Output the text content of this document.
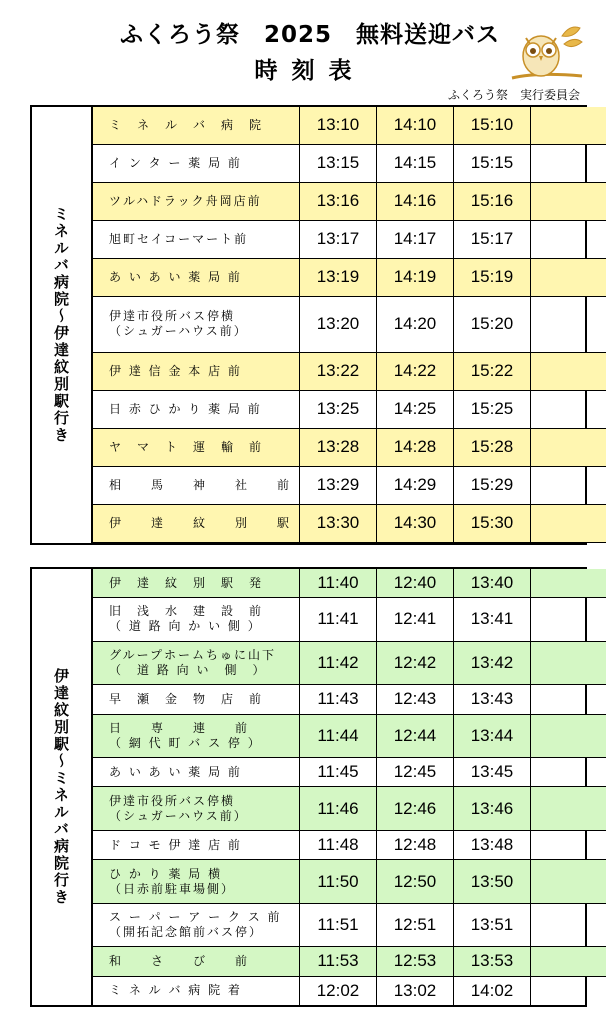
ふくろう祭　2025　無料送迎バス
時刻表
ふくろう祭　実行委員会
ミネルバ病院～伊達紋別駅行き
ミ　ネ　ル　バ　病　院	13:10	14:10	15:10	
イ ン タ ー 薬 局 前	13:15	14:15	15:15	
ツルハドラック舟岡店前	13:16	14:16	15:16	
旭町セイコーマート前	13:17	14:17	15:17	
あ い あ い 薬 局 前	13:19	14:19	15:19	
伊達市役所バス停横
（シュガーハウス前）	13:20	14:20	15:20	
伊 達 信 金 本 店 前	13:22	14:22	15:22	
日 赤 ひ か り 薬 局 前	13:25	14:25	15:25	
ヤ　マ　ト　運　輸　前	13:28	14:28	15:28	
相　　馬　　神　　社　　前	13:29	14:29	15:29	
伊　　達　　紋　　別　　駅	13:30	14:30	15:30	

伊達紋別駅～ミネルバ病院行き
伊　達　紋　別　駅　発	11:40	12:40	13:40	
旧　浅　水　建　設　前
（ 道 路 向 か い 側 ）	11:41	12:41	13:41	
グループホームちゅに山下
（　道 路 向 い　側　）	11:42	12:42	13:42	
早　瀬　金　物　店　前	11:43	12:43	13:43	
日　　専　　連　　前
（ 網 代 町 バ ス 停 ）	11:44	12:44	13:44	
あ い あ い 薬 局 前	11:45	12:45	13:45	
伊達市役所バス停横
（シュガーハウス前）	11:46	12:46	13:46	
ド コ モ 伊 達 店 前	11:48	12:48	13:48	
ひ か り 薬 局 横
（日赤前駐車場側）	11:50	12:50	13:50	
ス ー パ ー ア ー ク ス 前
（開拓記念館前バス停）	11:51	12:51	13:51	
和　　さ　　び　　前	11:53	12:53	13:53	
ミ ネ ル バ 病 院 着	12:02	13:02	14:02	
